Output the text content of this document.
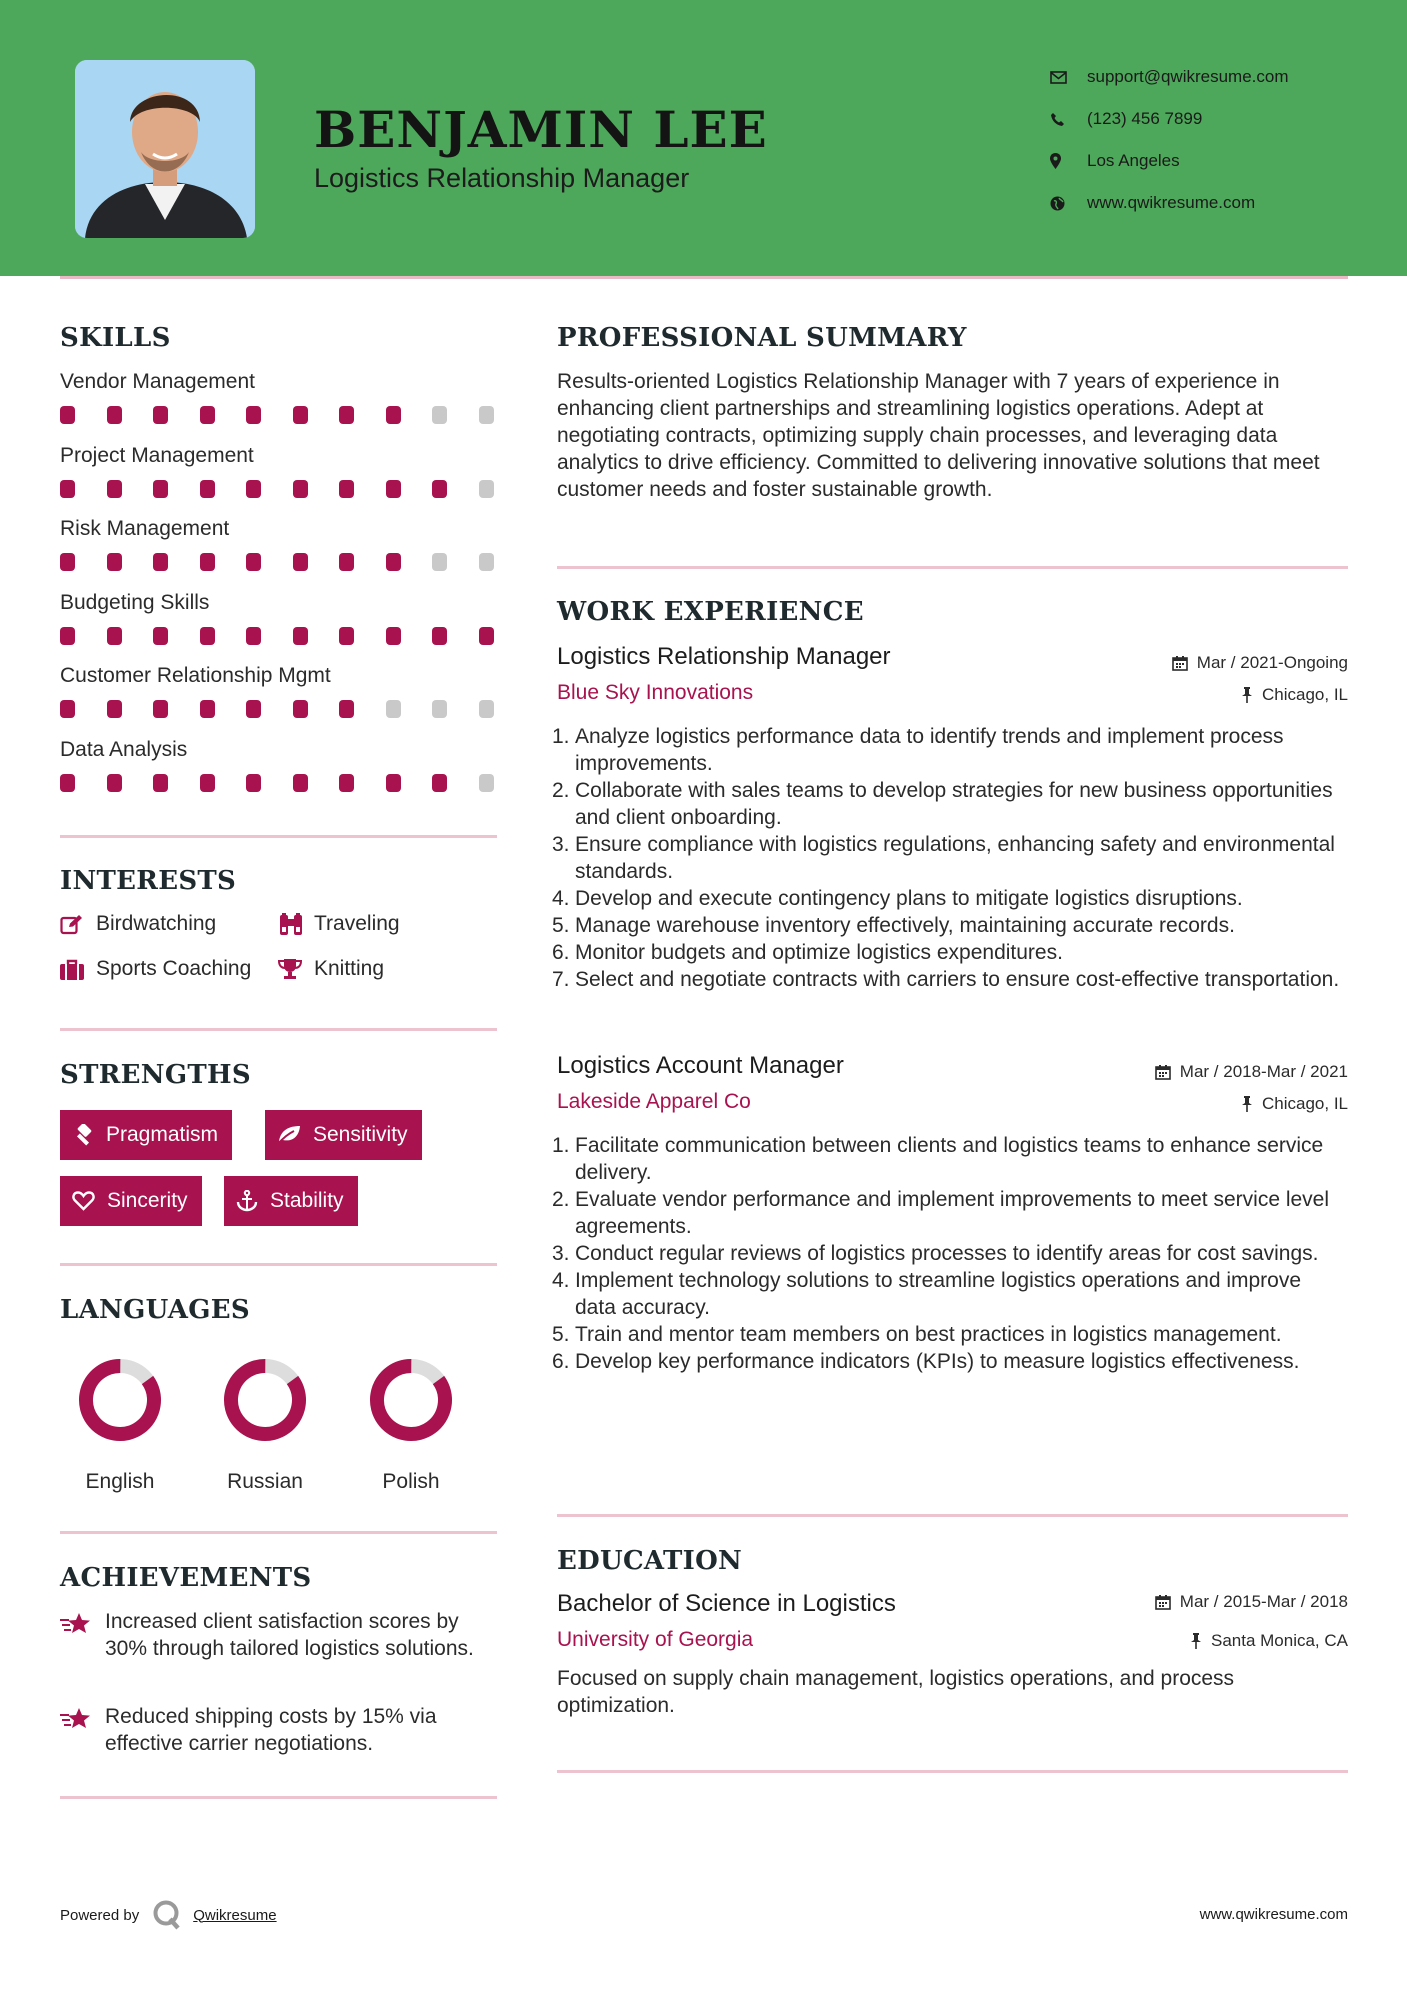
BENJAMIN LEE
Logistics Relationship Manager
support@qwikresume.com
(123) 456 7899
Los Angeles
www.qwikresume.com
SKILLS
Vendor Management
Project Management
Risk Management
Budgeting Skills
Customer Relationship Mgmt
Data Analysis
INTERESTS
Birdwatching	Traveling
Sports Coaching	Knitting
STRENGTHS
Pragmatism	Sensitivity
Sincerity	Stability
LANGUAGES
English	Russian	Polish
ACHIEVEMENTS
Increased client satisfaction scores by 30% through tailored logistics solutions.
Reduced shipping costs by 15% via effective carrier negotiations.
PROFESSIONAL SUMMARY
Results-oriented Logistics Relationship Manager with 7 years of experience in enhancing client partnerships and streamlining logistics operations. Adept at negotiating contracts, optimizing supply chain processes, and leveraging data analytics to drive efficiency. Committed to delivering innovative solutions that meet customer needs and foster sustainable growth.
WORK EXPERIENCE
Logistics Relationship Manager	Mar / 2021-Ongoing
Blue Sky Innovations	Chicago, IL
1. Analyze logistics performance data to identify trends and implement process improvements.
2. Collaborate with sales teams to develop strategies for new business opportunities and client onboarding.
3. Ensure compliance with logistics regulations, enhancing safety and environmental standards.
4. Develop and execute contingency plans to mitigate logistics disruptions.
5. Manage warehouse inventory effectively, maintaining accurate records.
6. Monitor budgets and optimize logistics expenditures.
7. Select and negotiate contracts with carriers to ensure cost-effective transportation.
Logistics Account Manager	Mar / 2018-Mar / 2021
Lakeside Apparel Co	Chicago, IL
1. Facilitate communication between clients and logistics teams to enhance service delivery.
2. Evaluate vendor performance and implement improvements to meet service level agreements.
3. Conduct regular reviews of logistics processes to identify areas for cost savings.
4. Implement technology solutions to streamline logistics operations and improve data accuracy.
5. Train and mentor team members on best practices in logistics management.
6. Develop key performance indicators (KPIs) to measure logistics effectiveness.
EDUCATION
Bachelor of Science in Logistics	Mar / 2015-Mar / 2018
University of Georgia	Santa Monica, CA
Focused on supply chain management, logistics operations, and process optimization.
Powered by	Qwikresume	www.qwikresume.com
